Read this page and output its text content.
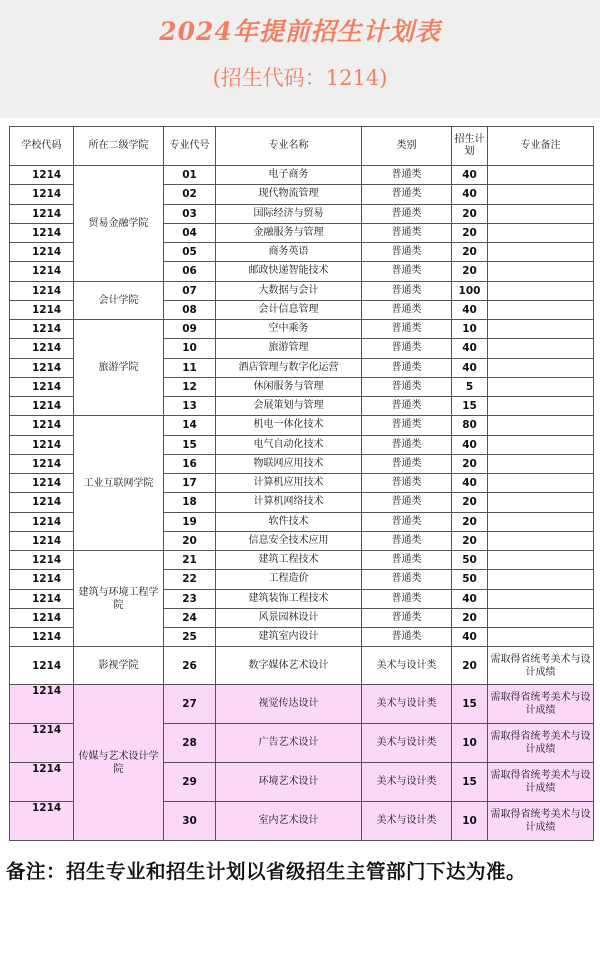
2024年提前招生计划表
(招生代码：1214)
学校代码	所在二级学院	专业代号	专业名称	类别	招生计划	专业备注
1214	贸易金融学院	01	电子商务	普通类	40	
1214		02	现代物流管理	普通类	40	
1214		03	国际经济与贸易	普通类	20	
1214		04	金融服务与管理	普通类	20	
1214		05	商务英语	普通类	20	
1214		06	邮政快递智能技术	普通类	20	
1214	会计学院	07	大数据与会计	普通类	100	
1214		08	会计信息管理	普通类	40	
1214	旅游学院	09	空中乘务	普通类	10	
1214		10	旅游管理	普通类	40	
1214		11	酒店管理与数字化运营	普通类	40	
1214		12	休闲服务与管理	普通类	5	
1214		13	会展策划与管理	普通类	15	
1214	工业互联网学院	14	机电一体化技术	普通类	80	
1214		15	电气自动化技术	普通类	40	
1214		16	物联网应用技术	普通类	20	
1214		17	计算机应用技术	普通类	40	
1214		18	计算机网络技术	普通类	20	
1214		19	软件技术	普通类	20	
1214		20	信息安全技术应用	普通类	20	
1214	建筑与环境工程学院	21	建筑工程技术	普通类	50	
1214		22	工程造价	普通类	50	
1214		23	建筑装饰工程技术	普通类	40	
1214		24	风景园林设计	普通类	20	
1214		25	建筑室内设计	普通类	40	
1214	影视学院	26	数字媒体艺术设计	美术与设计类	20	需取得省统考美术与设计成绩
1214	传媒与艺术设计学院	27	视觉传达设计	美术与设计类	15	需取得省统考美术与设计成绩
1214		28	广告艺术设计	美术与设计类	10	需取得省统考美术与设计成绩
1214		29	环境艺术设计	美术与设计类	15	需取得省统考美术与设计成绩
1214		30	室内艺术设计	美术与设计类	10	需取得省统考美术与设计成绩
备注：招生专业和招生计划以省级招生主管部门下达为准。
